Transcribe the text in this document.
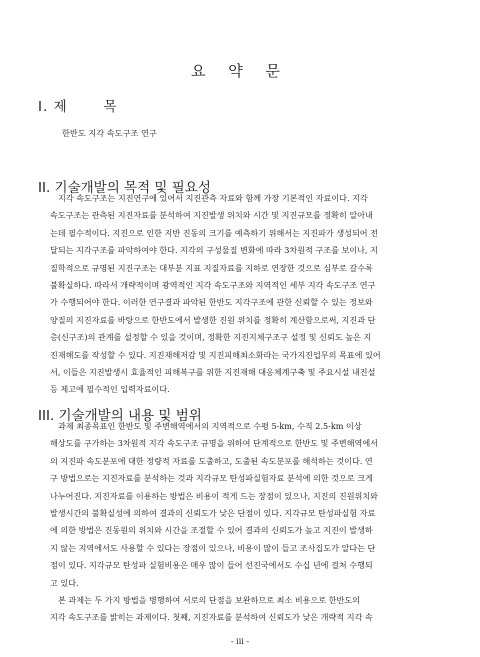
요 약 문
I. 제	목
한반도 지각 속도구조 연구
II. 기술개발의 목적 및 필요성
지각 속도구조는 지진연구에 있어서 지진관측 자료와 함께 가장 기본적인 자료이다. 지각
속도구조는 관측된 지진자료를 분석하여 지진발생 위치와 시간 및 지진규모를 정확히 알아내
는데 필수적이다. 지진으로 인한 지반 진동의 크기를 예측하기 위해서는 지진파가 생성되어 전
달되는 지각구조를 파악하여야 한다. 지각의 구성물질 변화에 따라 3차원적 구조를 보이나, 지
질학적으로 규명된 지진구조는 대부분 지표 지질자료를 지하로 연장한 것으로 심부로 갈수록
불확실하다. 따라서 개략적이며 광역적인 지각 속도구조와 지역적인 세부 지각 속도구조 연구
가 수행되어야 한다. 이러한 연구결과 파악된 한반도 지각구조에 관한 신뢰할 수 있는 정보와
양질의 지진자료를 바탕으로 한반도에서 발생한 진원 위치를 정확히 계산함으로써, 지진과 단
층(신구조)의 관계를 설정할 수 있을 것이며, 정확한 지진지체구조구 설정 및 신뢰도 높은 지
진재해도를 작성할 수 있다. 지진재해저감 및 지진피해최소화라는 국가지진업무의 목표에 있어
서, 이들은 지진발생시 효율적인 피해복구를 위한 지진재해 대응체계구축 및 주요시설 내진설
등 제고에 필수적인 입력자료이다.
III. 기술개발의 내용 및 범위
과제 최종목표인 한반도 및 주변해역에서의 지역적으로 수평 5-km, 수직 2.5-km 이상
해상도를 구가하는 3차원적 지각 속도구조 규명을 위하여 단계적으로 한반도 및 주변해역에서
의 지진파 속도분포에 대한 정량적 자료를 도출하고, 도출된 속도분포를 해석하는 것이다. 연
구 방법으로는 지진자료를 분석하는 것과 지각규모 탄성파실험자료 분석에 의한 것으로 크게
나누어진다. 지진자료를 이용하는 방법은 비용이 적게 드는 장점이 있으나, 지진의 진원위치와
발생시간의 불확실성에 의하여 결과의 신뢰도가 낮은 단점이 있다. 지각규모 탄성파실험 자료
에 의한 방법은 진동원의 위치와 시간을 조절할 수 있어 결과의 신뢰도가 높고 지진이 발생하
지 않는 지역에서도 사용할 수 있다는 장점이 있으나, 비용이 많이 들고 조사집도가 알다는 단
점이 있다. 지각규모 탄성파 실험비용은 매우 많이 들어 선진국에서도 수십 년에 걸쳐 수행되
고 있다.
본 과제는 두 가지 방법을 병행하여 서로의 단점을 보완하므로 최소 비용으로 한반도의
지각 속도구조를 밝히는 과제이다. 첫째, 지진자료를 분석하여 신뢰도가 낮은 개략적 지각 속
- iii -
